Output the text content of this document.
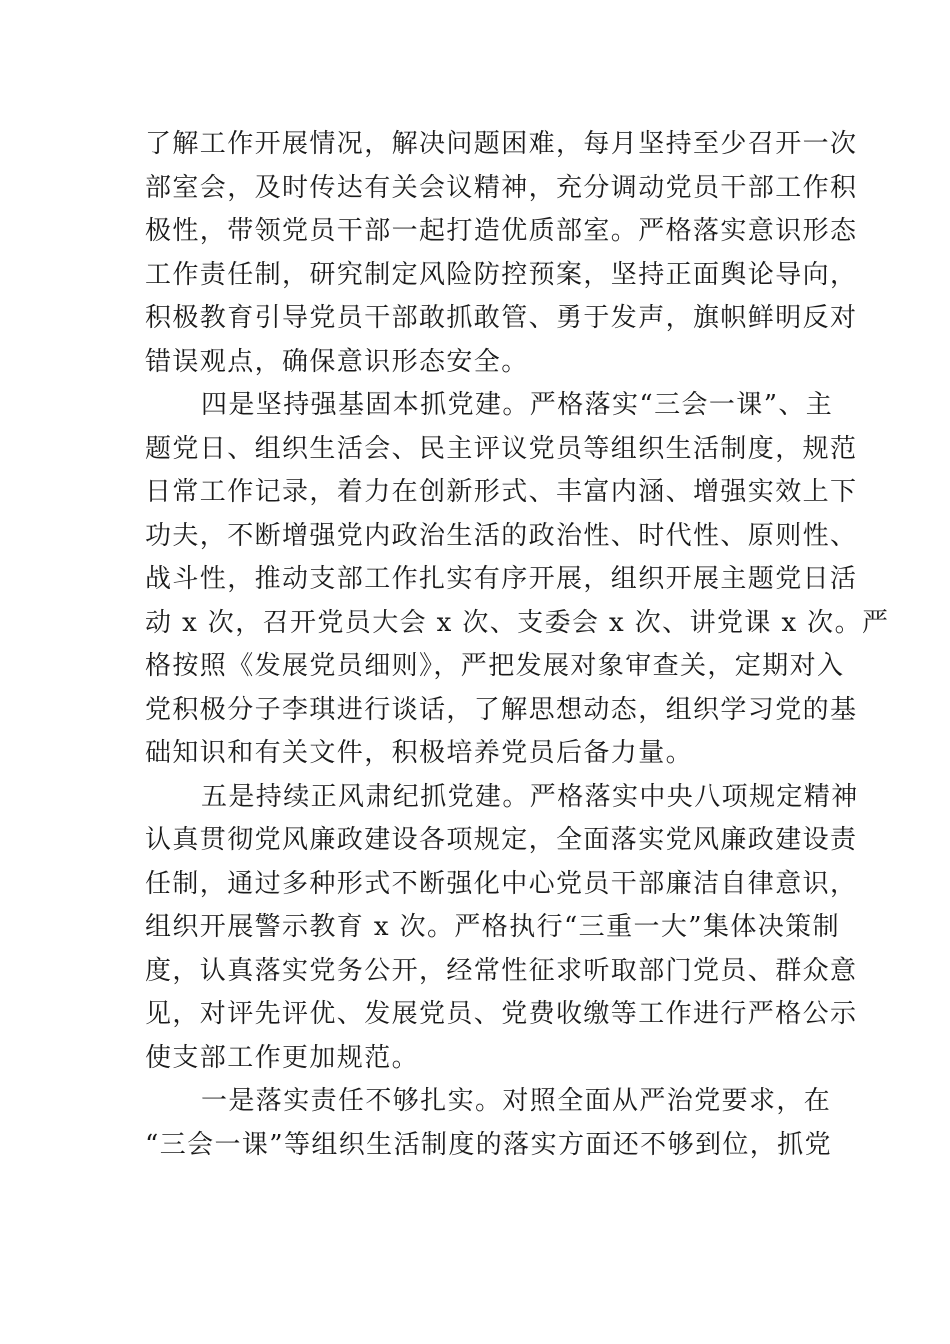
了解工作开展情况，解决问题困难，每月坚持至少召开一次
部室会，及时传达有关会议精神，充分调动党员干部工作积
极性，带领党员干部一起打造优质部室。严格落实意识形态
工作责任制，研究制定风险防控预案，坚持正面舆论导向，
积极教育引导党员干部敢抓敢管、勇于发声，旗帜鲜明反对
错误观点，确保意识形态安全。
四是坚持强基固本抓党建。严格落实“三会一课”、主
题党日、组织生活会、民主评议党员等组织生活制度，规范
日常工作记录，着力在创新形式、丰富内涵、增强实效上下
功夫，不断增强党内政治生活的政治性、时代性、原则性、
战斗性，推动支部工作扎实有序开展，组织开展主题党日活
动 x 次，召开党员大会 x 次、支委会 x 次、讲党课 x 次。严
格按照《发展党员细则》，严把发展对象审查关，定期对入
党积极分子李琪进行谈话，了解思想动态，组织学习党的基
础知识和有关文件，积极培养党员后备力量。
五是持续正风肃纪抓党建。严格落实中央八项规定精神
认真贯彻党风廉政建设各项规定，全面落实党风廉政建设责
任制，通过多种形式不断强化中心党员干部廉洁自律意识，
组织开展警示教育 x 次。严格执行“三重一大”集体决策制
度，认真落实党务公开，经常性征求听取部门党员、群众意
见，对评先评优、发展党员、党费收缴等工作进行严格公示
使支部工作更加规范。
一是落实责任不够扎实。对照全面从严治党要求，在
“三会一课”等组织生活制度的落实方面还不够到位，抓党
